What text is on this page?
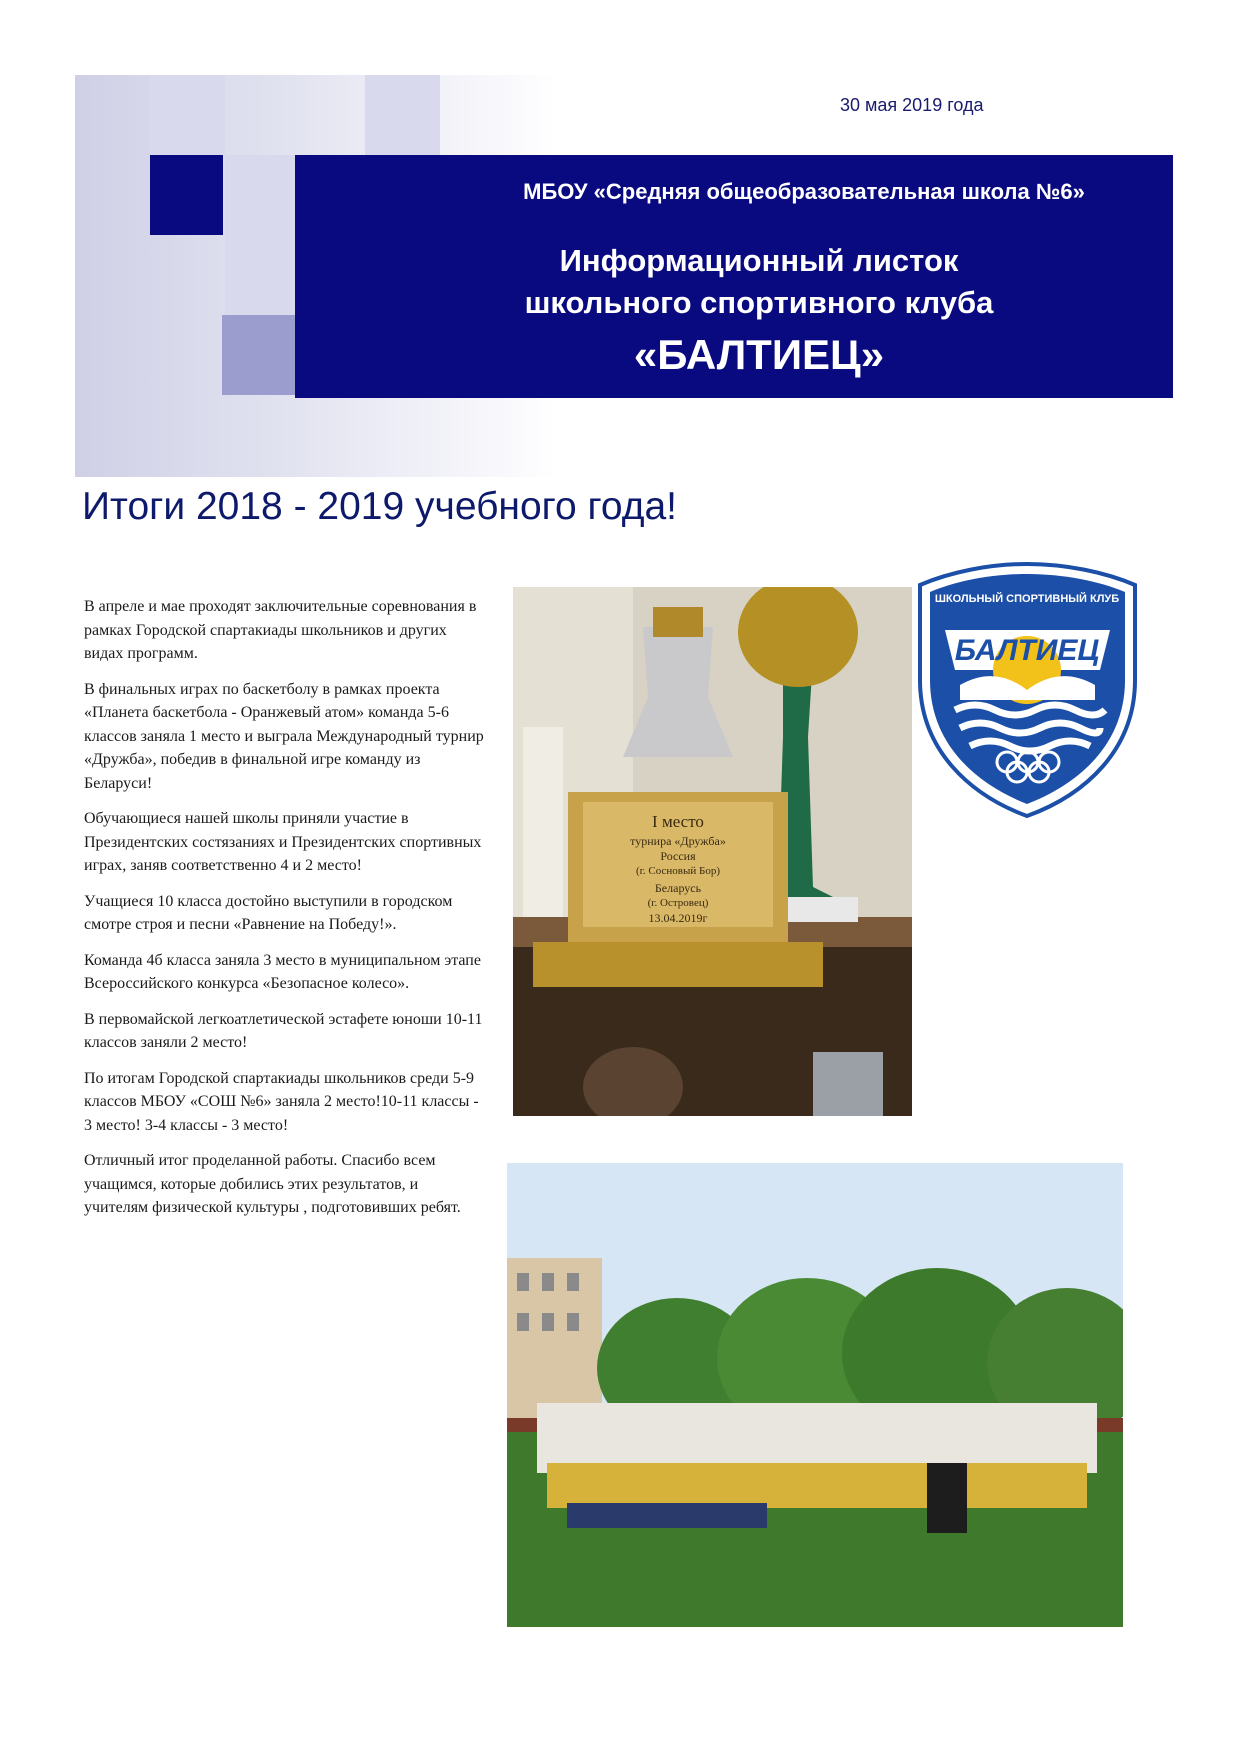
30 мая 2019 года
МБОУ «Средняя общеобразовательная школа №6»
Информационный листок
школьного спортивного клуба
«БАЛТИЕЦ»
Итоги 2018 - 2019 учебного года!

В апреле и мае проходят заключительные соревнования в рамках Городской спартакиады школьников и других видах программ.

В финальных играх по баскетболу в рамках проекта «Планета баскетбола - Оранжевый атом» команда 5-6 классов заняла 1 место и выграла Международный турнир «Дружба», победив в финальной игре команду из Беларуси!

Обучающиеся нашей школы приняли участие в Президентских состязаниях и Президентских спортивных играх, заняв соответственно 4 и 2 место!

Учащиеся 10 класса достойно выступили в городском смотре строя и песни «Равнение на Победу!».

Команда 4б класса заняла 3 место в муниципальном этапе Всероссийского конкурса «Безопасное колесо».

В первомайской легкоатлетической эстафете юноши 10-11 классов заняли 2 место!

По итогам Городской спартакиады школьников среди 5-9 классов МБОУ «СОШ №6» заняла 2 место!10-11 классы - 3 место! 3-4 классы - 3 место!

Отличный итог проделанной работы. Спасибо всем учащимся, которые добились этих результатов, и учителям физической культуры , подготовивших ребят.

I место
турнира «Дружба»
Россия
(г. Сосновый Бор)
Беларусь
(г. Островец)
13.04.2019г
ШКОЛЬНЫЙ СПОРТИВНЫЙ КЛУБ
БАЛТИЕЦ
